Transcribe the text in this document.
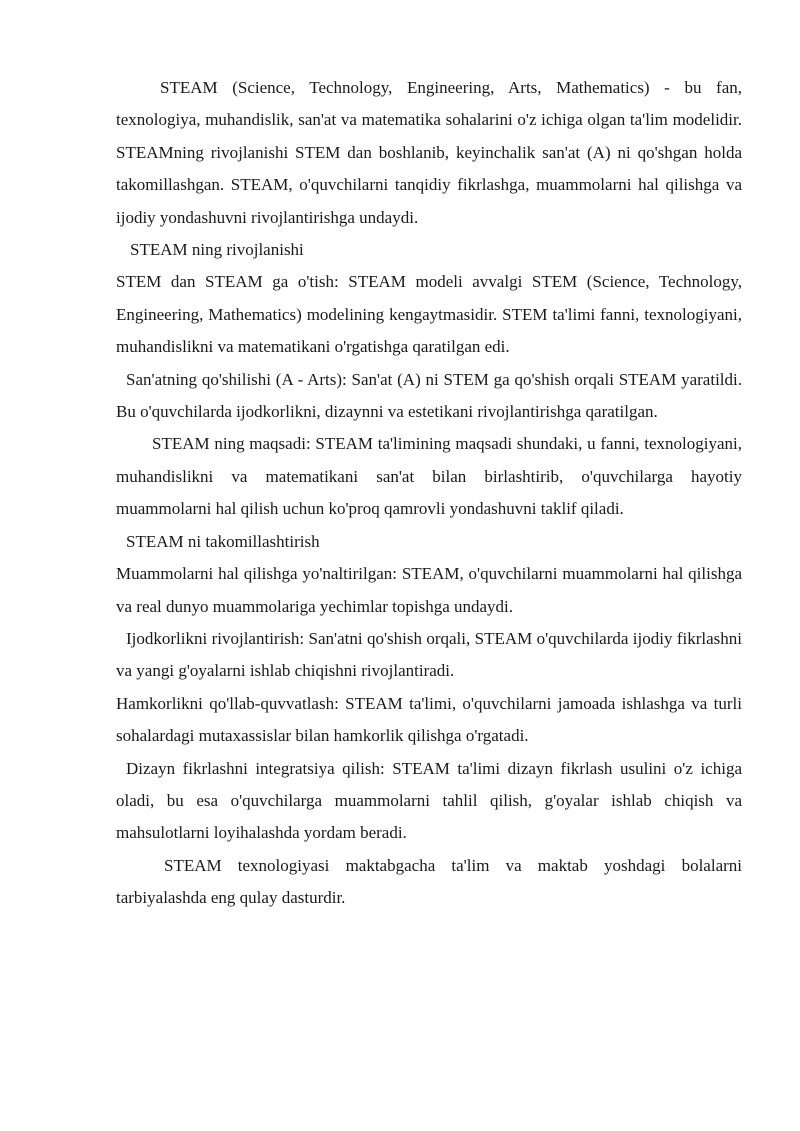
STEAM (Science, Technology, Engineering, Arts, Mathematics) - bu fan, texnologiya, muhandislik, san'at va matematika sohalarini o'z ichiga olgan ta'lim modelidir. STEAMning rivojlanishi STEM dan boshlanib, keyinchalik san'at (A) ni qo'shgan holda takomillashgan. STEAM, o'quvchilarni tanqidiy fikrlashga, muammolarni hal qilishga va ijodiy yondashuvni rivojlantirishga undaydi.

STEAM ning rivojlanishi

STEM dan STEAM ga o'tish: STEAM modeli avvalgi STEM (Science, Technology, Engineering, Mathematics) modelining kengaytmasidir. STEM ta'limi fanni, texnologiyani, muhandislikni va matematikani o'rgatishga qaratilgan edi.

San'atning qo'shilishi (A - Arts): San'at (A) ni STEM ga qo'shish orqali STEAM yaratildi. Bu o'quvchilarda ijodkorlikni, dizaynni va estetikani rivojlantirishga qaratilgan.

STEAM ning maqsadi: STEAM ta'limining maqsadi shundaki, u fanni, texnologiyani, muhandislikni va matematikani san'at bilan birlashtirib, o'quvchilarga hayotiy muammolarni hal qilish uchun ko'proq qamrovli yondashuvni taklif qiladi.

STEAM ni takomillashtirish

Muammolarni hal qilishga yo'naltirilgan: STEAM, o'quvchilarni muammolarni hal qilishga va real dunyo muammolariga yechimlar topishga undaydi.

Ijodkorlikni rivojlantirish: San'atni qo'shish orqali, STEAM o'quvchilarda ijodiy fikrlashni va yangi g'oyalarni ishlab chiqishni rivojlantiradi.

Hamkorlikni qo'llab-quvvatlash: STEAM ta'limi, o'quvchilarni jamoada ishlashga va turli sohalardagi mutaxassislar bilan hamkorlik qilishga o'rgatadi.

Dizayn fikrlashni integratsiya qilish: STEAM ta'limi dizayn fikrlash usulini o'z ichiga oladi, bu esa o'quvchilarga muammolarni tahlil qilish, g'oyalar ishlab chiqish va mahsulotlarni loyihalashda yordam beradi.

STEAM texnologiyasi maktabgacha ta'lim va maktab yoshdagi bolalarni tarbiyalashda eng qulay dasturdir.
